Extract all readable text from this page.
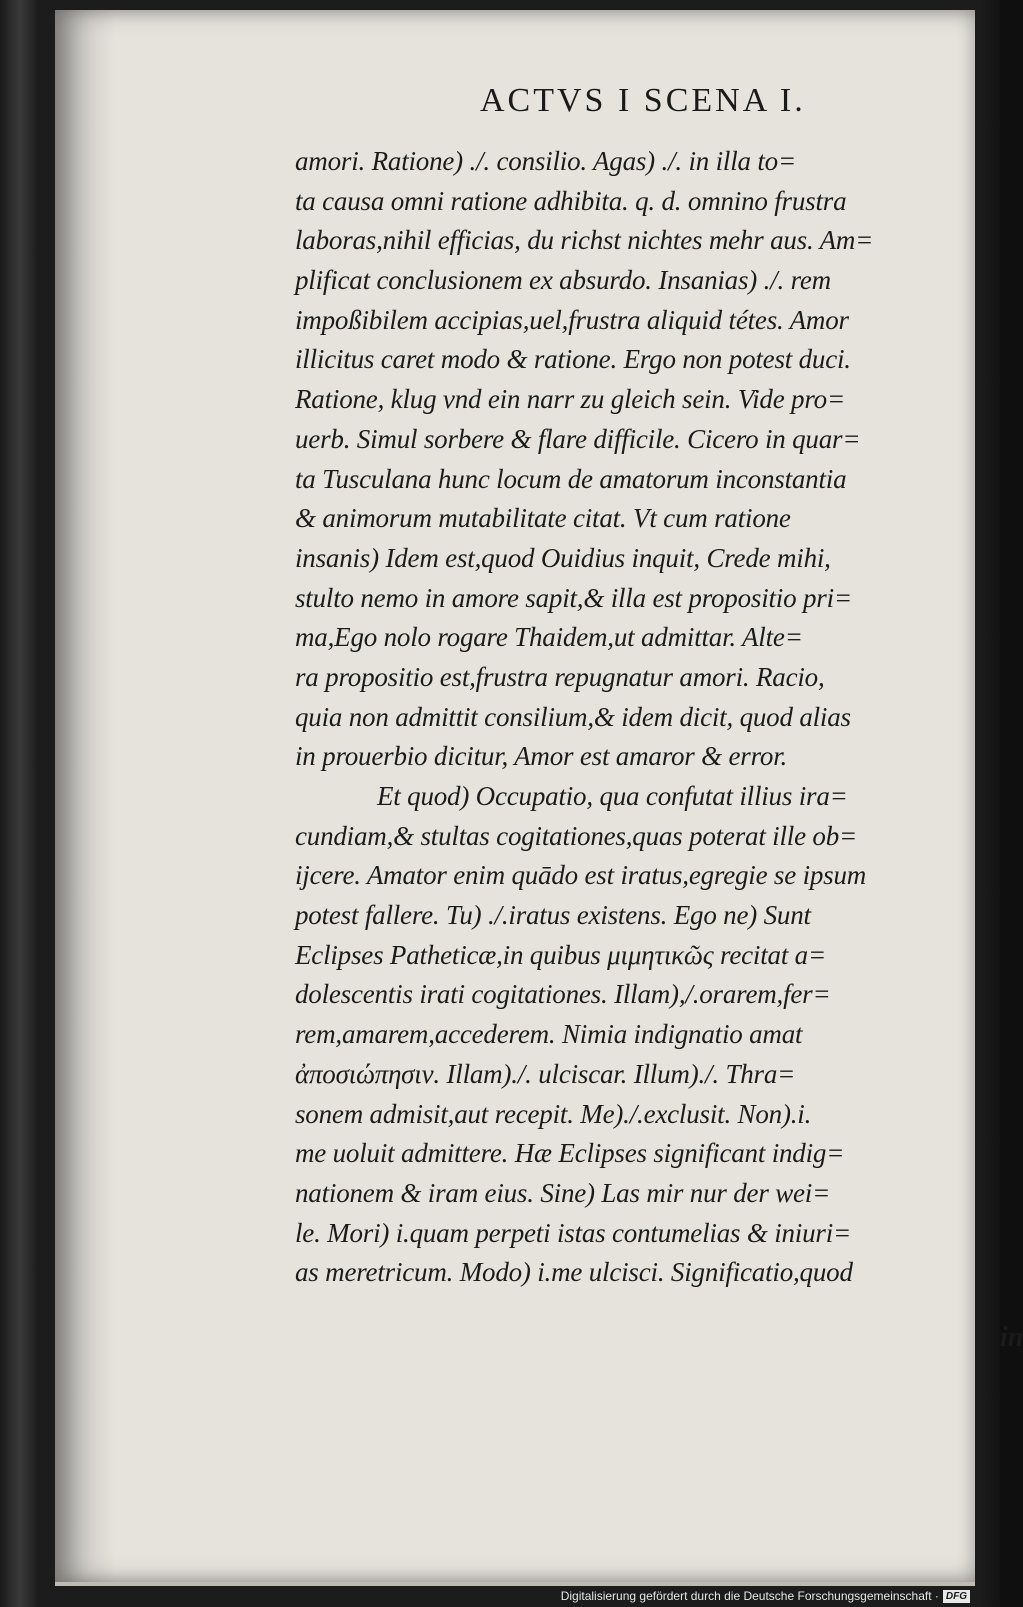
ACTVS I SCENA I.
amori. Ratione) ./. consilio. Agas) ./. in illa to=
ta causa omni ratione adhibita. q. d. omnino frustra
laboras,nihil efficias, du richst nichtes mehr aus. Am=
plificat conclusionem ex absurdo. Insanias) ./. rem
impoßibilem accipias,uel,frustra aliquid tétes. Amor
illicitus caret modo & ratione. Ergo non potest duci.
Ratione, klug vnd ein narr zu gleich sein. Vide pro=
uerb. Simul sorbere & flare difficile. Cicero in quar=
ta Tusculana hunc locum de amatorum inconstantia
& animorum mutabilitate citat. Vt cum ratione
insanis) Idem est,quod Ouidius inquit, Crede mihi,
stulto nemo in amore sapit,& illa est propositio pri=
ma,Ego nolo rogare Thaidem,ut admittar. Alte=
ra propositio est,frustra repugnatur amori. Racio,
quia non admittit consilium,& idem dicit, quod alias
in prouerbio dicitur, Amor est amaror & error.
Et quod) Occupatio, qua confutat illius ira=
cundiam,& stultas cogitationes,quas poterat ille ob=
ijcere. Amator enim quādo est iratus,egregie se ipsum
potest fallere. Tu) ./.iratus existens. Ego ne) Sunt
Eclipses Patheticæ,in quibus μιμητικῶς recitat a=
dolescentis irati cogitationes. Illam),/.orarem,fer=
rem,amarem,accederem. Nimia indignatio amat
ἀποσιώπησιν. Illam)./. ulciscar. Illum)./. Thra=
sonem admisit,aut recepit. Me)./.exclusit. Non).i.
me uoluit admittere. Hæ Eclipses significant indig=
nationem & iram eius. Sine) Las mir nur der wei=
le. Mori) i.quam perpeti istas contumelias & iniuri=
as meretricum. Modo) i.me ulcisci. Significatio,quod
in
Digitalisierung gefördert durch die Deutsche Forschungsgemeinschaft · DFG
